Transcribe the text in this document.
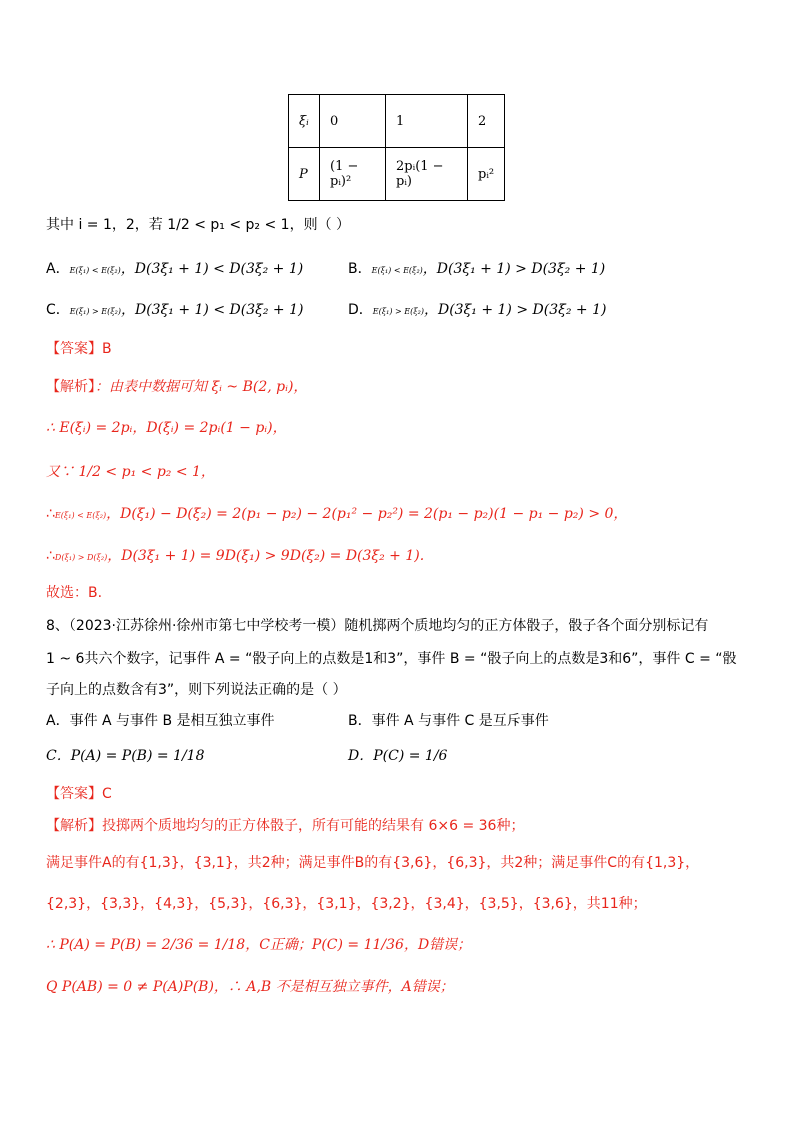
ξᵢ	0	1	2
P	(1 − pᵢ)²	2pᵢ(1 − pᵢ)	pᵢ²
其中 i = 1，2，若 1/2 < p₁ < p₂ < 1，则（ ）
A．E(ξ₁) < E(ξ₂)，D(3ξ₁ + 1) < D(3ξ₂ + 1)	B．E(ξ₁) < E(ξ₂)，D(3ξ₁ + 1) > D(3ξ₂ + 1)
C．E(ξ₁) > E(ξ₂)，D(3ξ₁ + 1) < D(3ξ₂ + 1)	D．E(ξ₁) > E(ξ₂)，D(3ξ₁ + 1) > D(3ξ₂ + 1)
【答案】B
【解析】：由表中数据可知 ξᵢ ~ B(2, pᵢ)，
∴ E(ξᵢ) = 2pᵢ，D(ξᵢ) = 2pᵢ(1 − pᵢ)，
又∵ 1/2 < p₁ < p₂ < 1，
∴E(ξ₁) < E(ξ₂)，D(ξ₁) − D(ξ₂) = 2(p₁ − p₂) − 2(p₁² − p₂²) = 2(p₁ − p₂)(1 − p₁ − p₂) > 0，
∴D(ξ₁) > D(ξ₂)，D(3ξ₁ + 1) = 9D(ξ₁) > 9D(ξ₂) = D(3ξ₂ + 1).
故选：B.
8、（2023·江苏徐州·徐州市第七中学校考一模）随机掷两个质地均匀的正方体骰子，骰子各个面分别标记有
1 ~ 6共六个数字，记事件 A = “骰子向上的点数是1和3”，事件 B = “骰子向上的点数是3和6”，事件 C = “骰
子向上的点数含有3”，则下列说法正确的是（ ）
A．事件 A 与事件 B 是相互独立事件	B．事件 A 与事件 C 是互斥事件
C．P(A) = P(B) = 1/18	D．P(C) = 1/6
【答案】C
【解析】投掷两个质地均匀的正方体骰子，所有可能的结果有 6×6 = 36种；
满足事件A的有{1,3}，{3,1}，共2种；满足事件B的有{3,6}，{6,3}，共2种；满足事件C的有{1,3}，
{2,3}，{3,3}，{4,3}，{5,3}，{6,3}，{3,1}，{3,2}，{3,4}，{3,5}，{3,6}，共11种；
∴ P(A) = P(B) = 2/36 = 1/18，C正确；P(C) = 11/36，D错误；
Q P(AB) = 0 ≠ P(A)P(B)，∴ A,B 不是相互独立事件，A错误；
